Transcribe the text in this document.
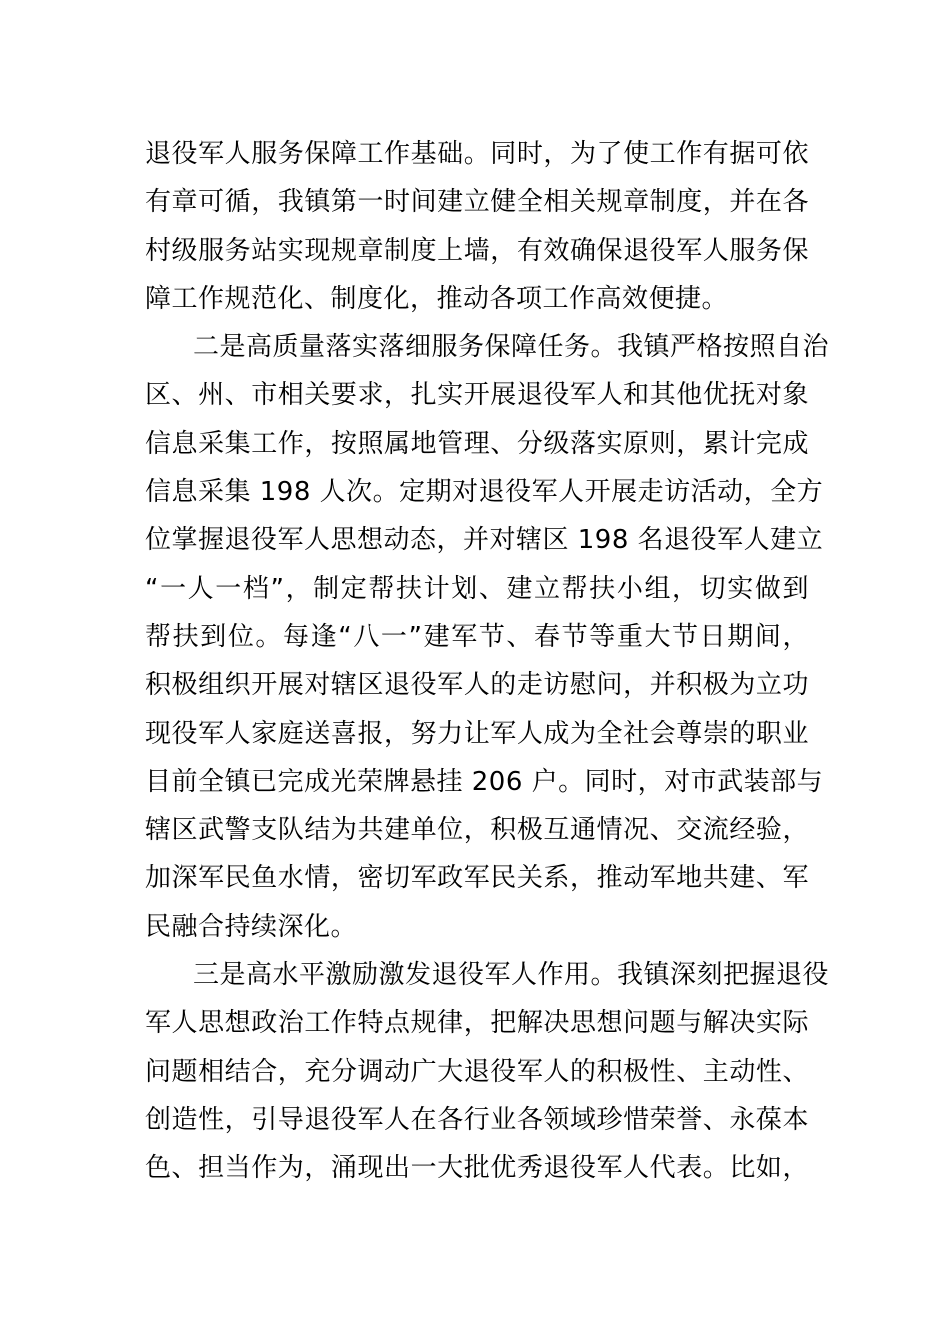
退役军人服务保障工作基础。同时，为了使工作有据可依
有章可循，我镇第一时间建立健全相关规章制度，并在各
村级服务站实现规章制度上墙，有效确保退役军人服务保
障工作规范化、制度化，推动各项工作高效便捷。
二是高质量落实落细服务保障任务。我镇严格按照自治
区、州、市相关要求，扎实开展退役军人和其他优抚对象
信息采集工作，按照属地管理、分级落实原则，累计完成
信息采集 198 人次。定期对退役军人开展走访活动，全方
位掌握退役军人思想动态，并对辖区 198 名退役军人建立
“一人一档”，制定帮扶计划、建立帮扶小组，切实做到
帮扶到位。每逢“八一”建军节、春节等重大节日期间，
积极组织开展对辖区退役军人的走访慰问，并积极为立功
现役军人家庭送喜报，努力让军人成为全社会尊崇的职业
目前全镇已完成光荣牌悬挂 206 户。同时，对市武装部与
辖区武警支队结为共建单位，积极互通情况、交流经验，
加深军民鱼水情，密切军政军民关系，推动军地共建、军
民融合持续深化。
三是高水平激励激发退役军人作用。我镇深刻把握退役
军人思想政治工作特点规律，把解决思想问题与解决实际
问题相结合，充分调动广大退役军人的积极性、主动性、
创造性，引导退役军人在各行业各领域珍惜荣誉、永葆本
色、担当作为，涌现出一大批优秀退役军人代表。比如，
